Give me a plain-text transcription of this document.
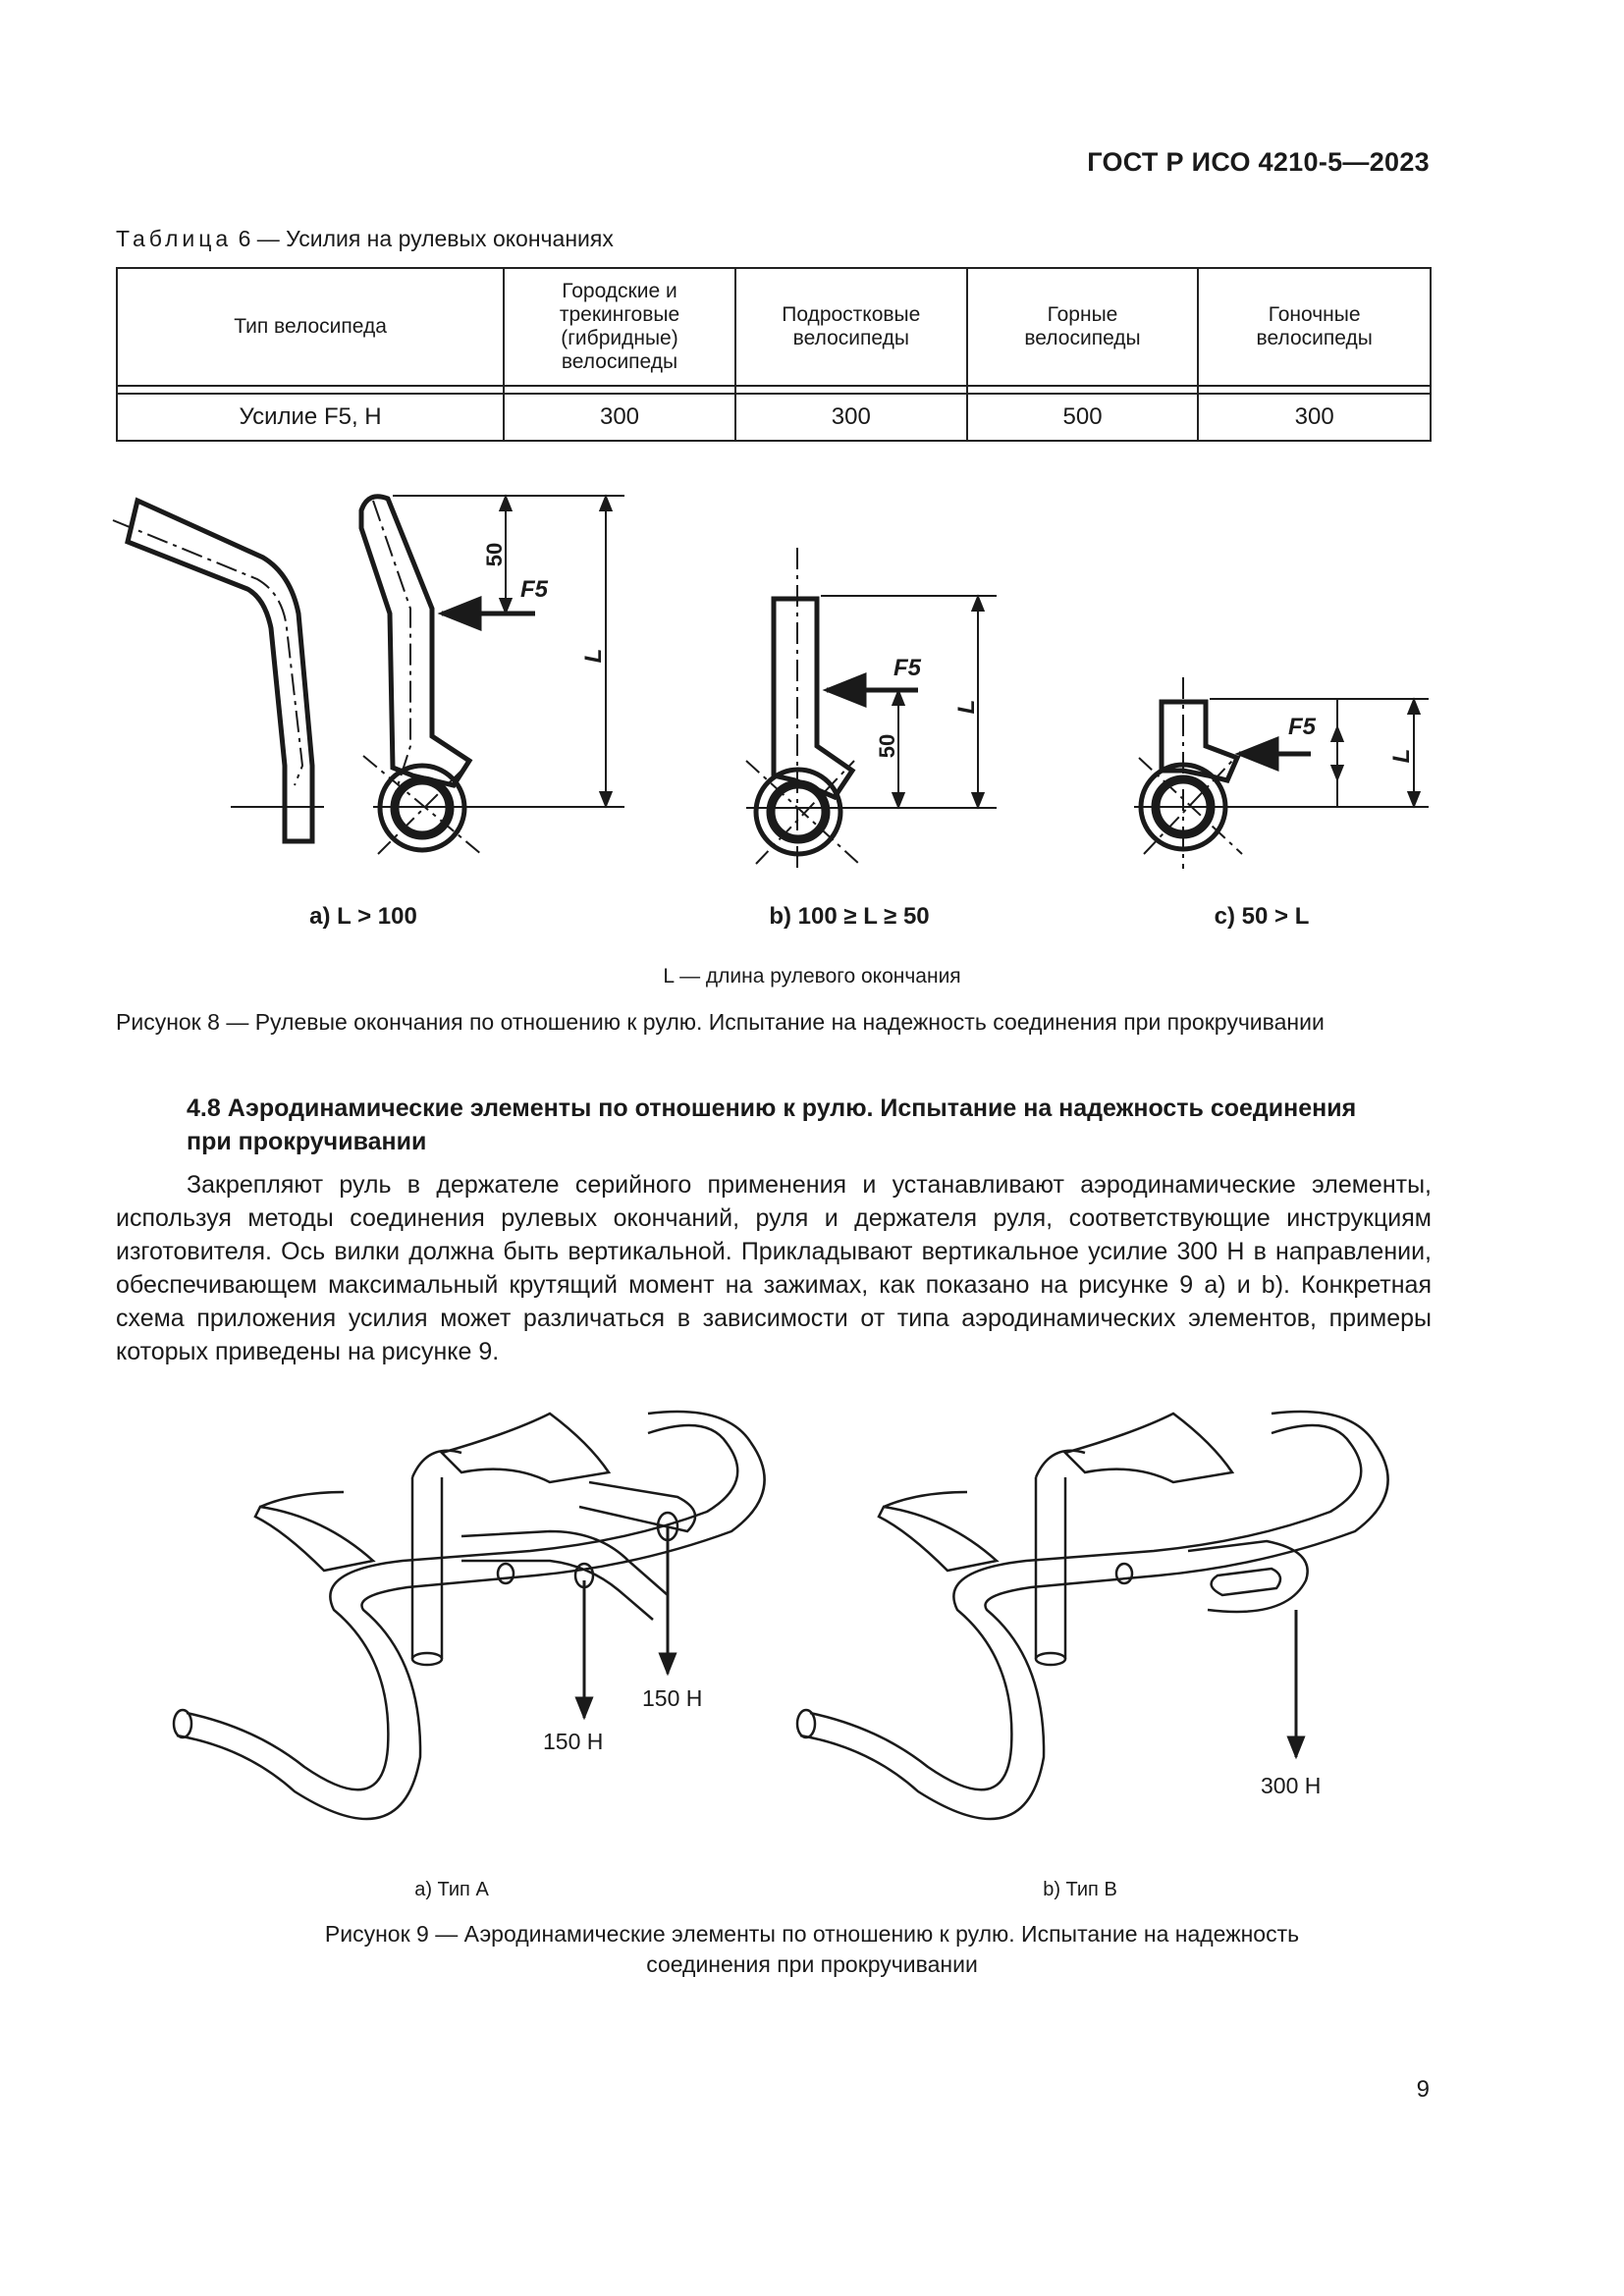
ГОСТ Р ИСО 4210-5—2023
Таблица 6 — Усилия на рулевых окончаниях
Тип велосипеда	Городские и трекинговые (гибридные) велосипеды	Подростковые велосипеды	Горные велосипеды	Гоночные велосипеды

Усилие F5, Н	300	300	500	300
50
L
F5
50
L
F5
L
F5
a) L > 100	b) 100 ≥ L ≥ 50	c) 50 > L
L — длина рулевого окончания
Рисунок 8 — Рулевые окончания по отношению к рулю. Испытание на надежность соединения при прокручивании
4.8 Аэродинамические элементы по отношению к рулю. Испытание на надежность соединения при прокручивании
Закрепляют руль в держателе серийного применения и устанавливают аэродинамические элементы, используя методы соединения рулевых окончаний, руля и держателя руля, соответствующие инструкциям изготовителя. Ось вилки должна быть вертикальной. Прикладывают вертикальное усилие 300 Н в направлении, обеспечивающем максимальный крутящий момент на зажимах, как показано на рисунке 9 а) и b). Конкретная схема приложения усилия может различаться в зависимости от типа аэродинамических элементов, примеры которых приведены на рисунке 9.
150 Н
150 Н
300 Н
a) Тип A	b) Тип B
Рисунок 9 — Аэродинамические элементы по отношению к рулю. Испытание на надежность
соединения при прокручивании
9
